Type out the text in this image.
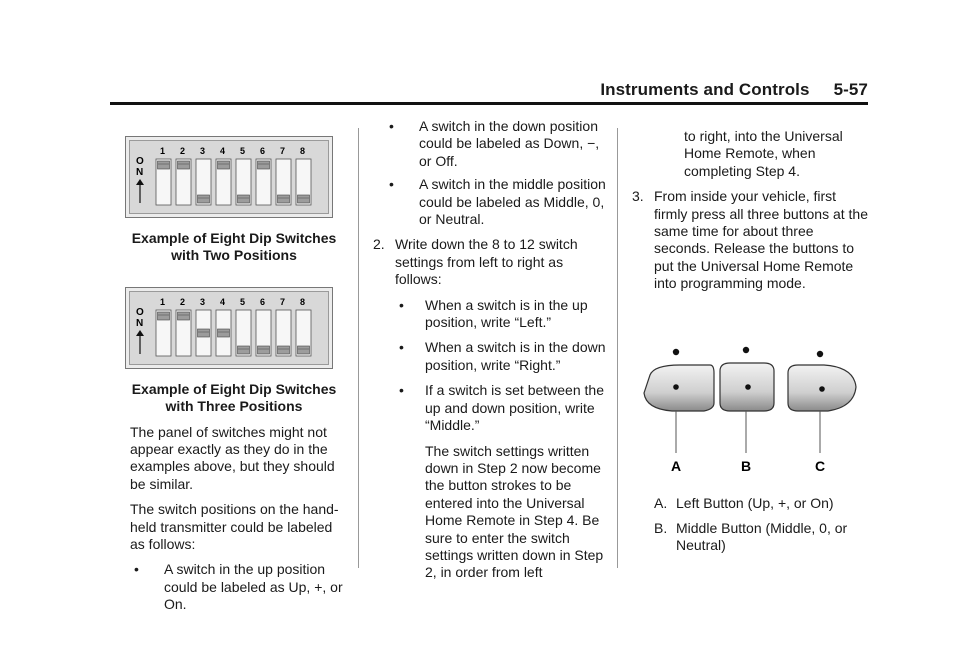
Instruments and Controls 5-57
O
N
1 2 3 4 5 6 7 8
Example of Eight Dip Switches
with Two Positions
O
N
1 2 3 4 5 6 7 8
Example of Eight Dip Switches
with Three Positions
The panel of switches might not appear exactly as they do in the examples above, but they should be similar.
The switch positions on the hand-held transmitter could be labeled as follows:
• A switch in the up position could be labeled as Up, +, or On.
• A switch in the down position could be labeled as Down, −, or Off.
• A switch in the middle position could be labeled as Middle, 0, or Neutral.
2. Write down the 8 to 12 switch settings from left to right as follows:
• When a switch is in the up position, write “Left.”
• When a switch is in the down position, write “Right.”
• If a switch is set between the up and down position, write “Middle.”
The switch settings written down in Step 2 now become the button strokes to be entered into the Universal Home Remote in Step 4. Be sure to enter the switch settings written down in Step 2, in order from left
to right, into the Universal Home Remote, when completing Step 4.
3. From inside your vehicle, first firmly press all three buttons at the same time for about three seconds. Release the buttons to put the Universal Home Remote into programming mode.
A	B	C
A. Left Button (Up, +, or On)
B. Middle Button (Middle, 0, or Neutral)
